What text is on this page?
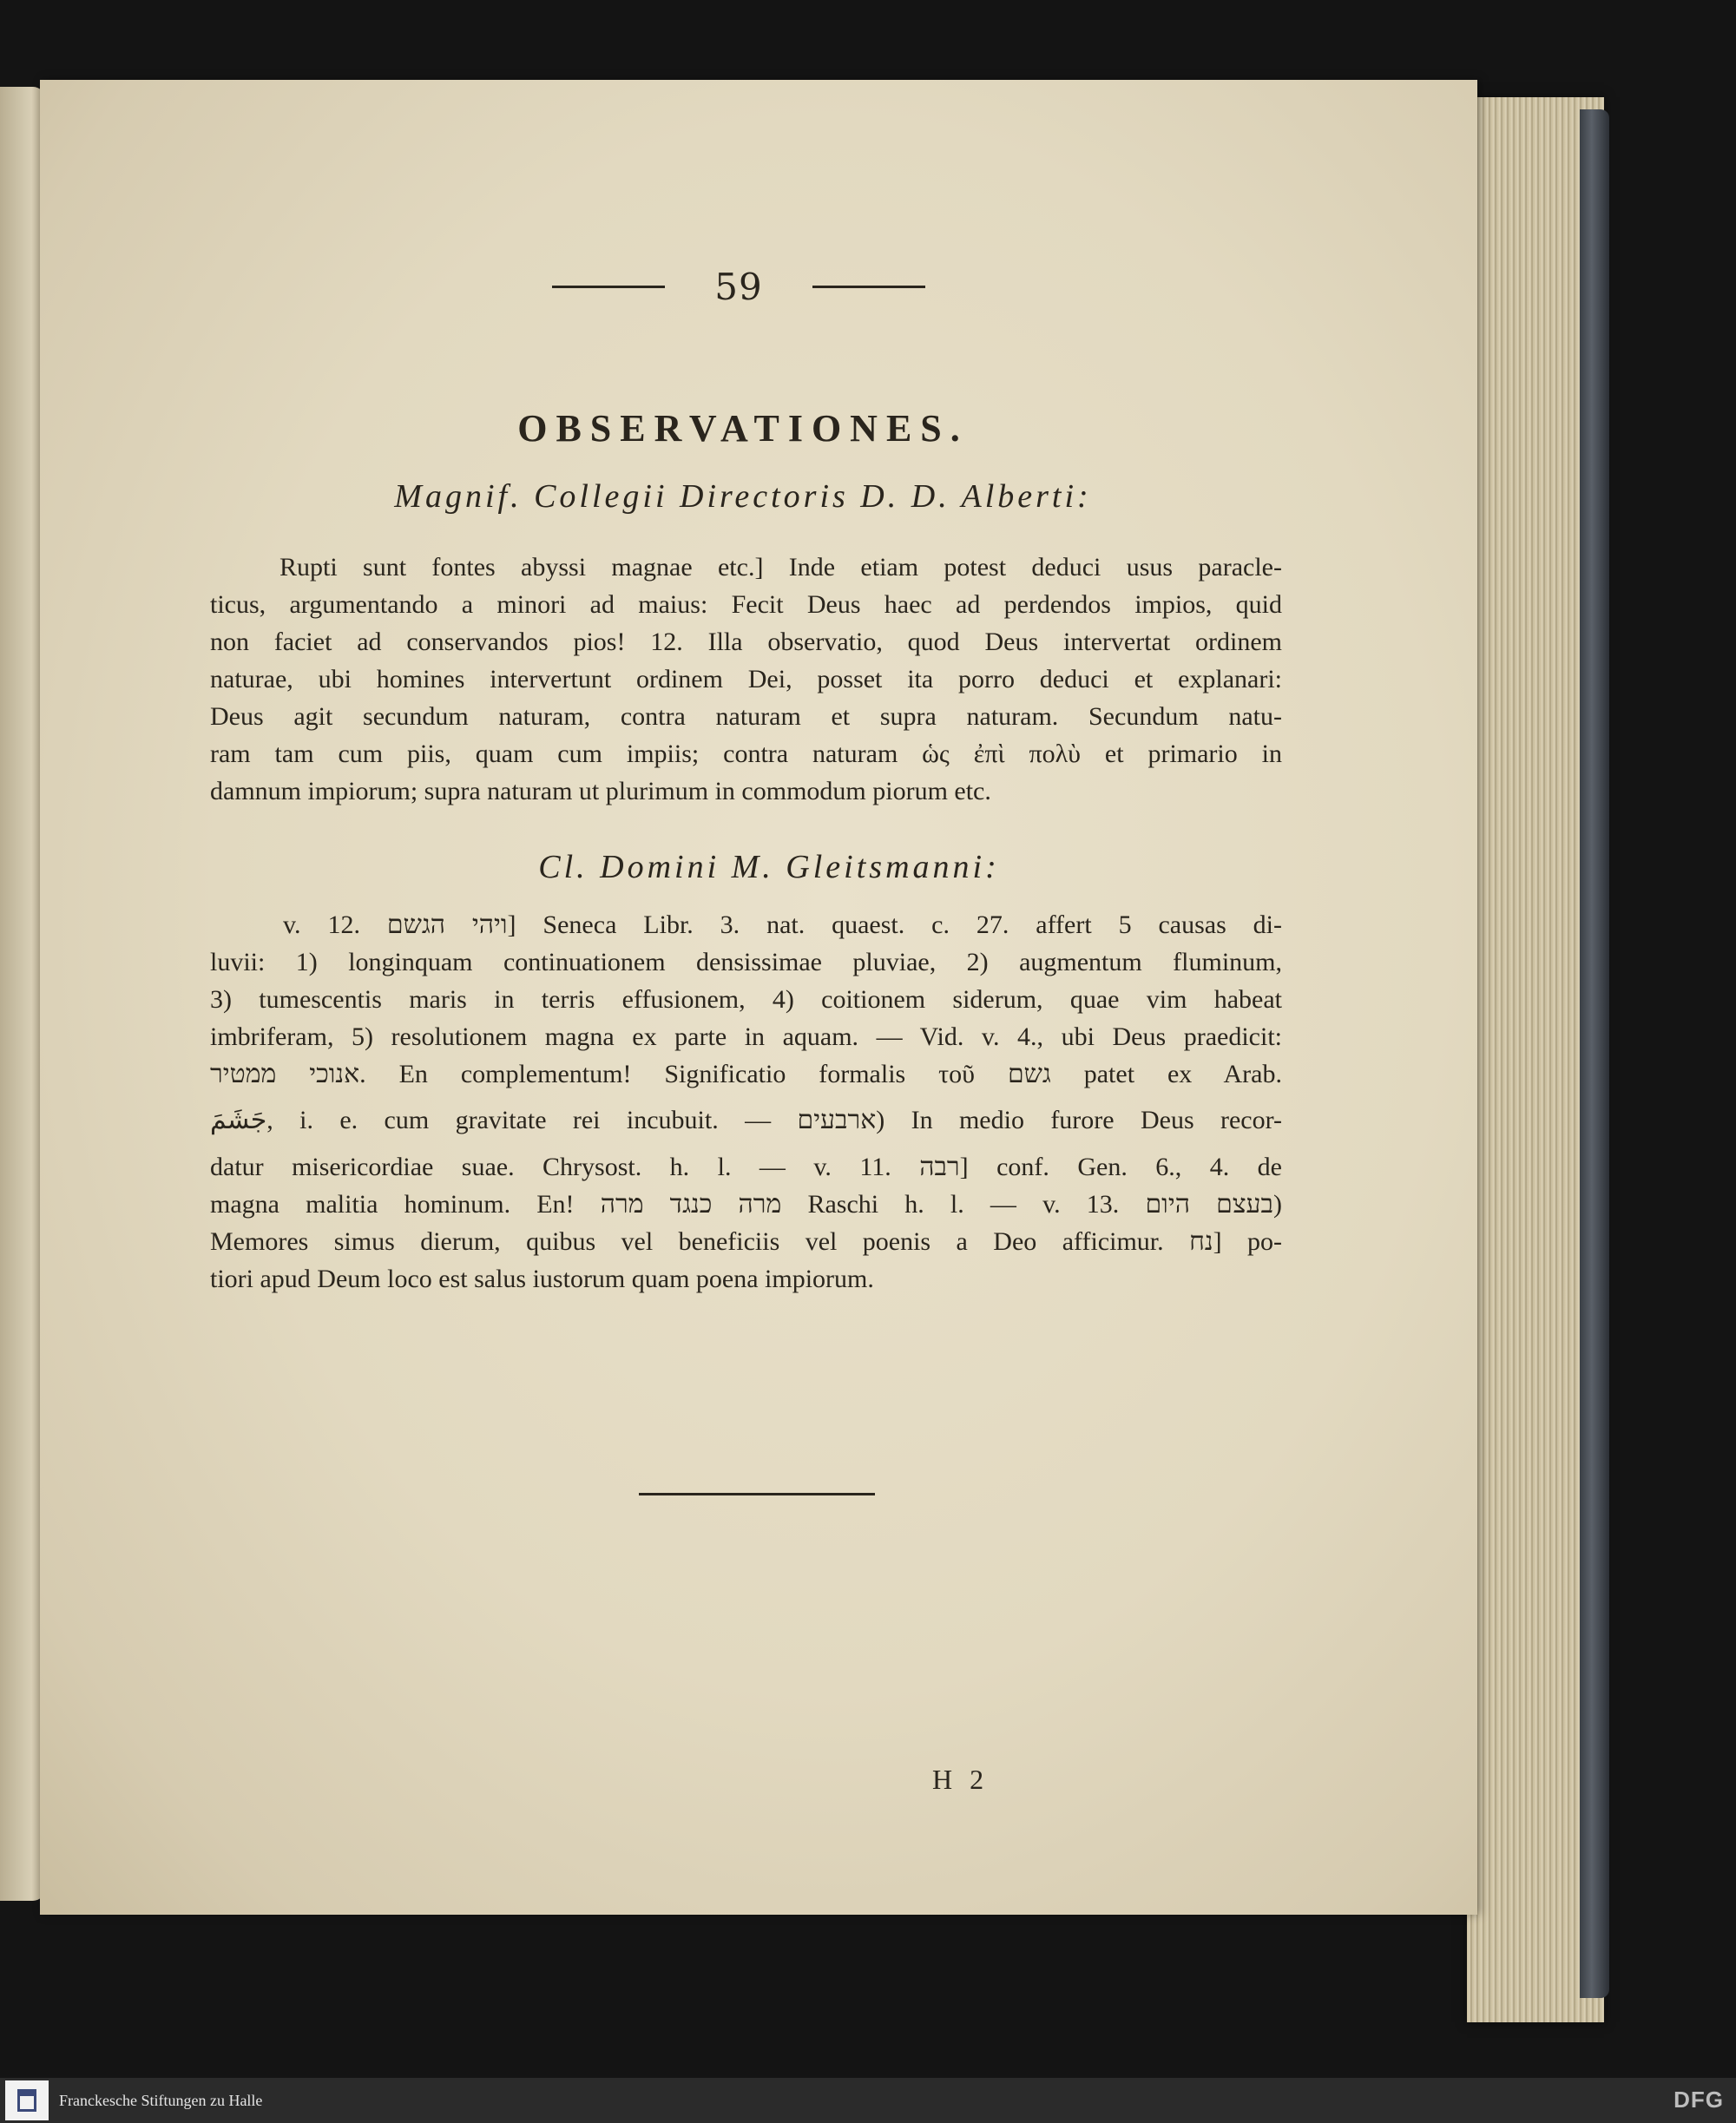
59
OBSERVATIONES.
Magnif. Collegii Directoris D. D. Alberti:
Rupti sunt fontes abyssi magnae etc.] Inde etiam potest deduci usus paracle-
ticus, argumentando a minori ad maius: Fecit Deus haec ad perdendos impios, quid
non faciet ad conservandos pios! 12. Illa observatio, quod Deus intervertat ordinem
naturae, ubi homines intervertunt ordinem Dei, posset ita porro deduci et explanari:
Deus agit secundum naturam, contra naturam et supra naturam. Secundum natu-
ram tam cum piis, quam cum impiis; contra naturam ὡς ἐπὶ πολὺ et primario in
damnum impiorum; supra naturam ut plurimum in commodum piorum etc.
Cl. Domini M. Gleitsmanni:
v. 12. ויהי הגשם] Seneca Libr. 3. nat. quaest. c. 27. affert 5 causas di-
luvii: 1) longinquam continuationem densissimae pluviae, 2) augmentum fluminum,
3) tumescentis maris in terris effusionem, 4) coitionem siderum, quae vim habeat
imbriferam, 5) resolutionem magna ex parte in aquam. — Vid. v. 4., ubi Deus praedicit:
אנוכי ממטיר. En complementum! Significatio formalis τοῦ גשם patet ex Arab.
جَشَمَ, i. e. cum gravitate rei incubuit. — ארבעים) In medio furore Deus recor-
datur misericordiae suae. Chrysost. h. l. — v. 11. רבה] conf. Gen. 6., 4. de
magna malitia hominum. En! מרה כנגד מרה Raschi h. l. — v. 13. בעצם היום)
Memores simus dierum, quibus vel beneficiis vel poenis a Deo afficimur. נח] po-
tiori apud Deum loco est salus iustorum quam poena impiorum.
H 2
Franckesche Stiftungen zu Halle	DFG
